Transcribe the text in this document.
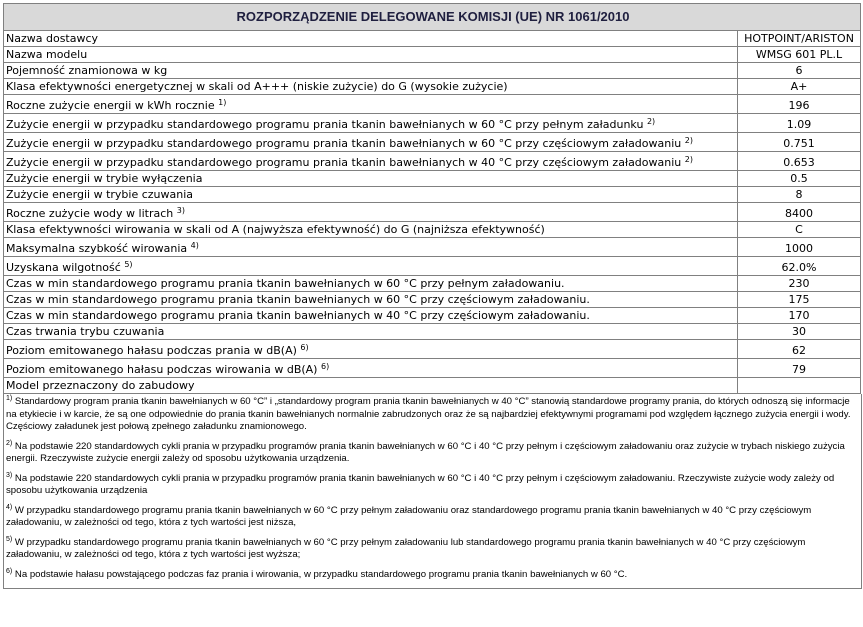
ROZPORZĄDZENIE DELEGOWANE KOMISJI (UE) NR 1061/2010	
Nazwa dostawcy	HOTPOINT/ARISTON
Nazwa modelu	WMSG 601 PL.L
Pojemność znamionowa w kg	6
Klasa efektywności energetycznej w skali od A+++ (niskie zużycie) do G (wysokie zużycie)	A+
Roczne zużycie energii w kWh rocznie $^{1)}$	196
Zużycie energii w przypadku standardowego programu prania tkanin bawełnianych w 60 °C przy pełnym załadunku $^{2)}$	1.09
Zużycie energii w przypadku standardowego programu prania tkanin bawełnianych w 60 °C przy częściowym załadowaniu $^{2)}$	0.751
Zużycie energii w przypadku standardowego programu prania tkanin bawełnianych w 40 °C przy częściowym załadowaniu $^{2)}$	0.653
Zużycie energii w trybie wyłączenia	0.5
Zużycie energii w trybie czuwania	8
Roczne zużycie wody w litrach $^{3)}$	8400
Klasa efektywności wirowania w skali od A (najwyższa efektywność) do G (najniższa efektywność)	C
Maksymalna szybkość wirowania $^{4)}$	1000
Uzyskana wilgotność $^{5)}$	62.0%
Czas w min standardowego programu prania tkanin bawełnianych w 60 °C przy pełnym załadowaniu.	230
Czas w min standardowego programu prania tkanin bawełnianych w 60 °C przy częściowym załadowaniu.	175
Czas w min standardowego programu prania tkanin bawełnianych w 40 °C przy częściowym załadowaniu.	170
Czas trwania trybu czuwania	30
Poziom emitowanego hałasu podczas prania w dB(A) $^{6)}$	62
Poziom emitowanego hałasu podczas wirowania w dB(A) $^{6)}$	79
Model przeznaczony do zabudowy	
$^{1)}$ Standardowy program prania tkanin bawełnianych w 60 °C” i „standardowy program prania tkanin bawełnianych w 40 °C” stanowią standardowe programy prania, do których odnoszą się informacje na etykiecie i w karcie, że są one odpowiednie do prania tkanin bawełnianych normalnie zabrudzonych oraz że są najbardziej efektywnymi programami pod względem łącznego zużycia energii i wody. Częściowy załadunek jest połową zpełnego załadunku znamionowego.
$^{2)}$ Na podstawie 220 standardowych cykli prania w przypadku programów prania tkanin bawełnianych w 60 °C i 40 °C przy pełnym i częściowym załadowaniu oraz zużycie w trybach niskiego zużycia energii. Rzeczywiste zużycie energii zależy od sposobu użytkowania urządzenia.
$^{3)}$ Na podstawie 220 standardowych cykli prania w przypadku programów prania tkanin bawełnianych w 60 °C i 40 °C przy pełnym i częściowym załadowaniu. Rzeczywiste zużycie wody zależy od sposobu użytkowania urządzenia
$^{4)}$ W przypadku standardowego programu prania tkanin bawełnianych w 60 °C przy pełnym załadowaniu oraz standardowego programu prania tkanin bawełnianych w 40 °C przy częściowym załadowaniu, w zależności od tego, która z tych wartości jest niższa,
$^{5)}$ W przypadku standardowego programu prania tkanin bawełnianych w 60 °C przy pełnym załadowaniu lub standardowego programu prania tkanin bawełnianych w 40 °C przy częściowym załadowaniu, w zależności od tego, która z tych wartości jest wyższa;
$^{6)}$ Na podstawie hałasu powstającego podczas faz prania i wirowania, w przypadku standardowego programu prania tkanin bawełnianych w 60 °C.
